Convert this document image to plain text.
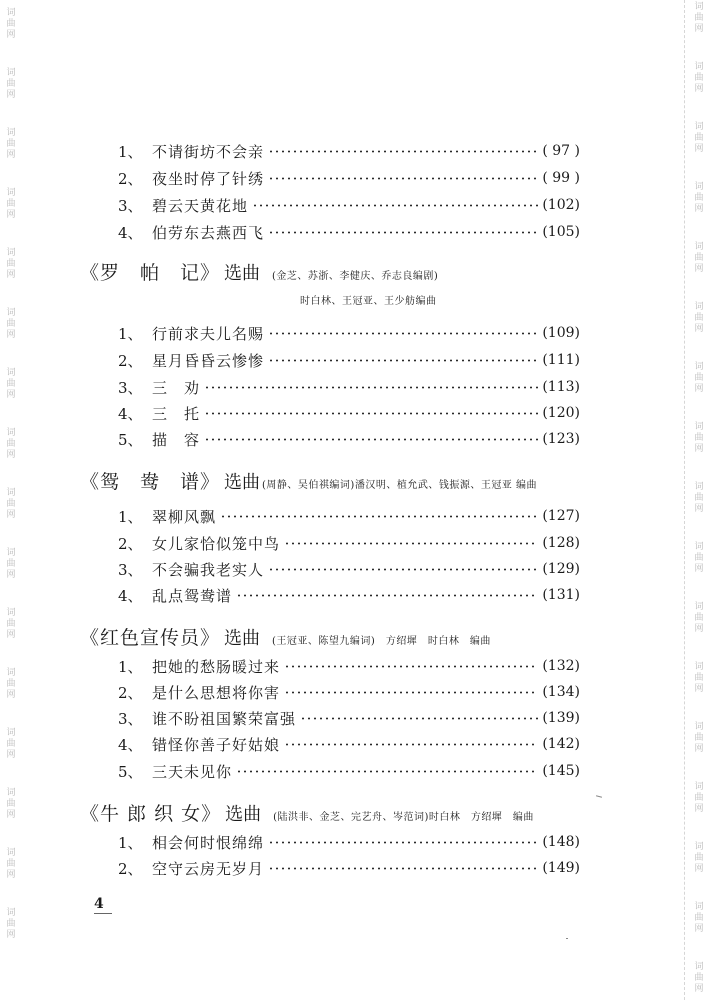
词
曲
网
词
曲
网
词
曲
网
词
曲
网
词
曲
网
词
曲
网
词
曲
网
词
曲
网
词
曲
网
词
曲
网
词
曲
网
词
曲
网
词
曲
网
词
曲
网
词
曲
网
词
曲
网
词
曲
网
词
曲
网
词
曲
网
词
曲
网
词
曲
网
词
曲
网
词
曲
网
词
曲
网
词
曲
网
词
曲
网
词
曲
网
词
曲
网
词
曲
网
词
曲
网
词
曲
网
词
曲
网
词
曲
网
1、 不请街坊不会亲	( 97 )
2、 夜坐时停了针绣	( 99 )
3、 碧云天黄花地	(102)
4、 伯劳东去燕西飞	(105)
《罗　帕　记》 选曲 (金芝、苏浙、李健庆、乔志良编剧)
时白林、王冠亚、王少舫编曲
1、 行前求夫儿名赐	(109)
2、 星月昏昏云惨惨	(111)
3、 三　劝	(113)
4、 三　托	(120)
5、 描　容	(123)
《鸳　鸯　谱》 选曲 (周静、吴伯祺编词)潘汉明、植允武、钱振源、王冠亚 编曲
1、 翠柳风飘	(127)
2、 女儿家恰似笼中鸟	(128)
3、 不会骗我老实人	(129)
4、 乱点鸳鸯谱	(131)
《红色宣传员》 选曲 (王冠亚、陈望九编词)　方绍墀　时白林　编曲
1、 把她的愁肠暖过来	(132)
2、 是什么思想将你害	(134)
3、 谁不盼祖国繁荣富强	(139)
4、 错怪你善子好姑娘	(142)
5、 三天未见你	(145)
《牛 郎 织 女》 选曲 (陆洪非、金芝、完艺舟、岑范词)时白林　方绍墀　编曲
1、 相会何时恨绵绵	(148)
2、 空守云房无岁月	(149)
4
